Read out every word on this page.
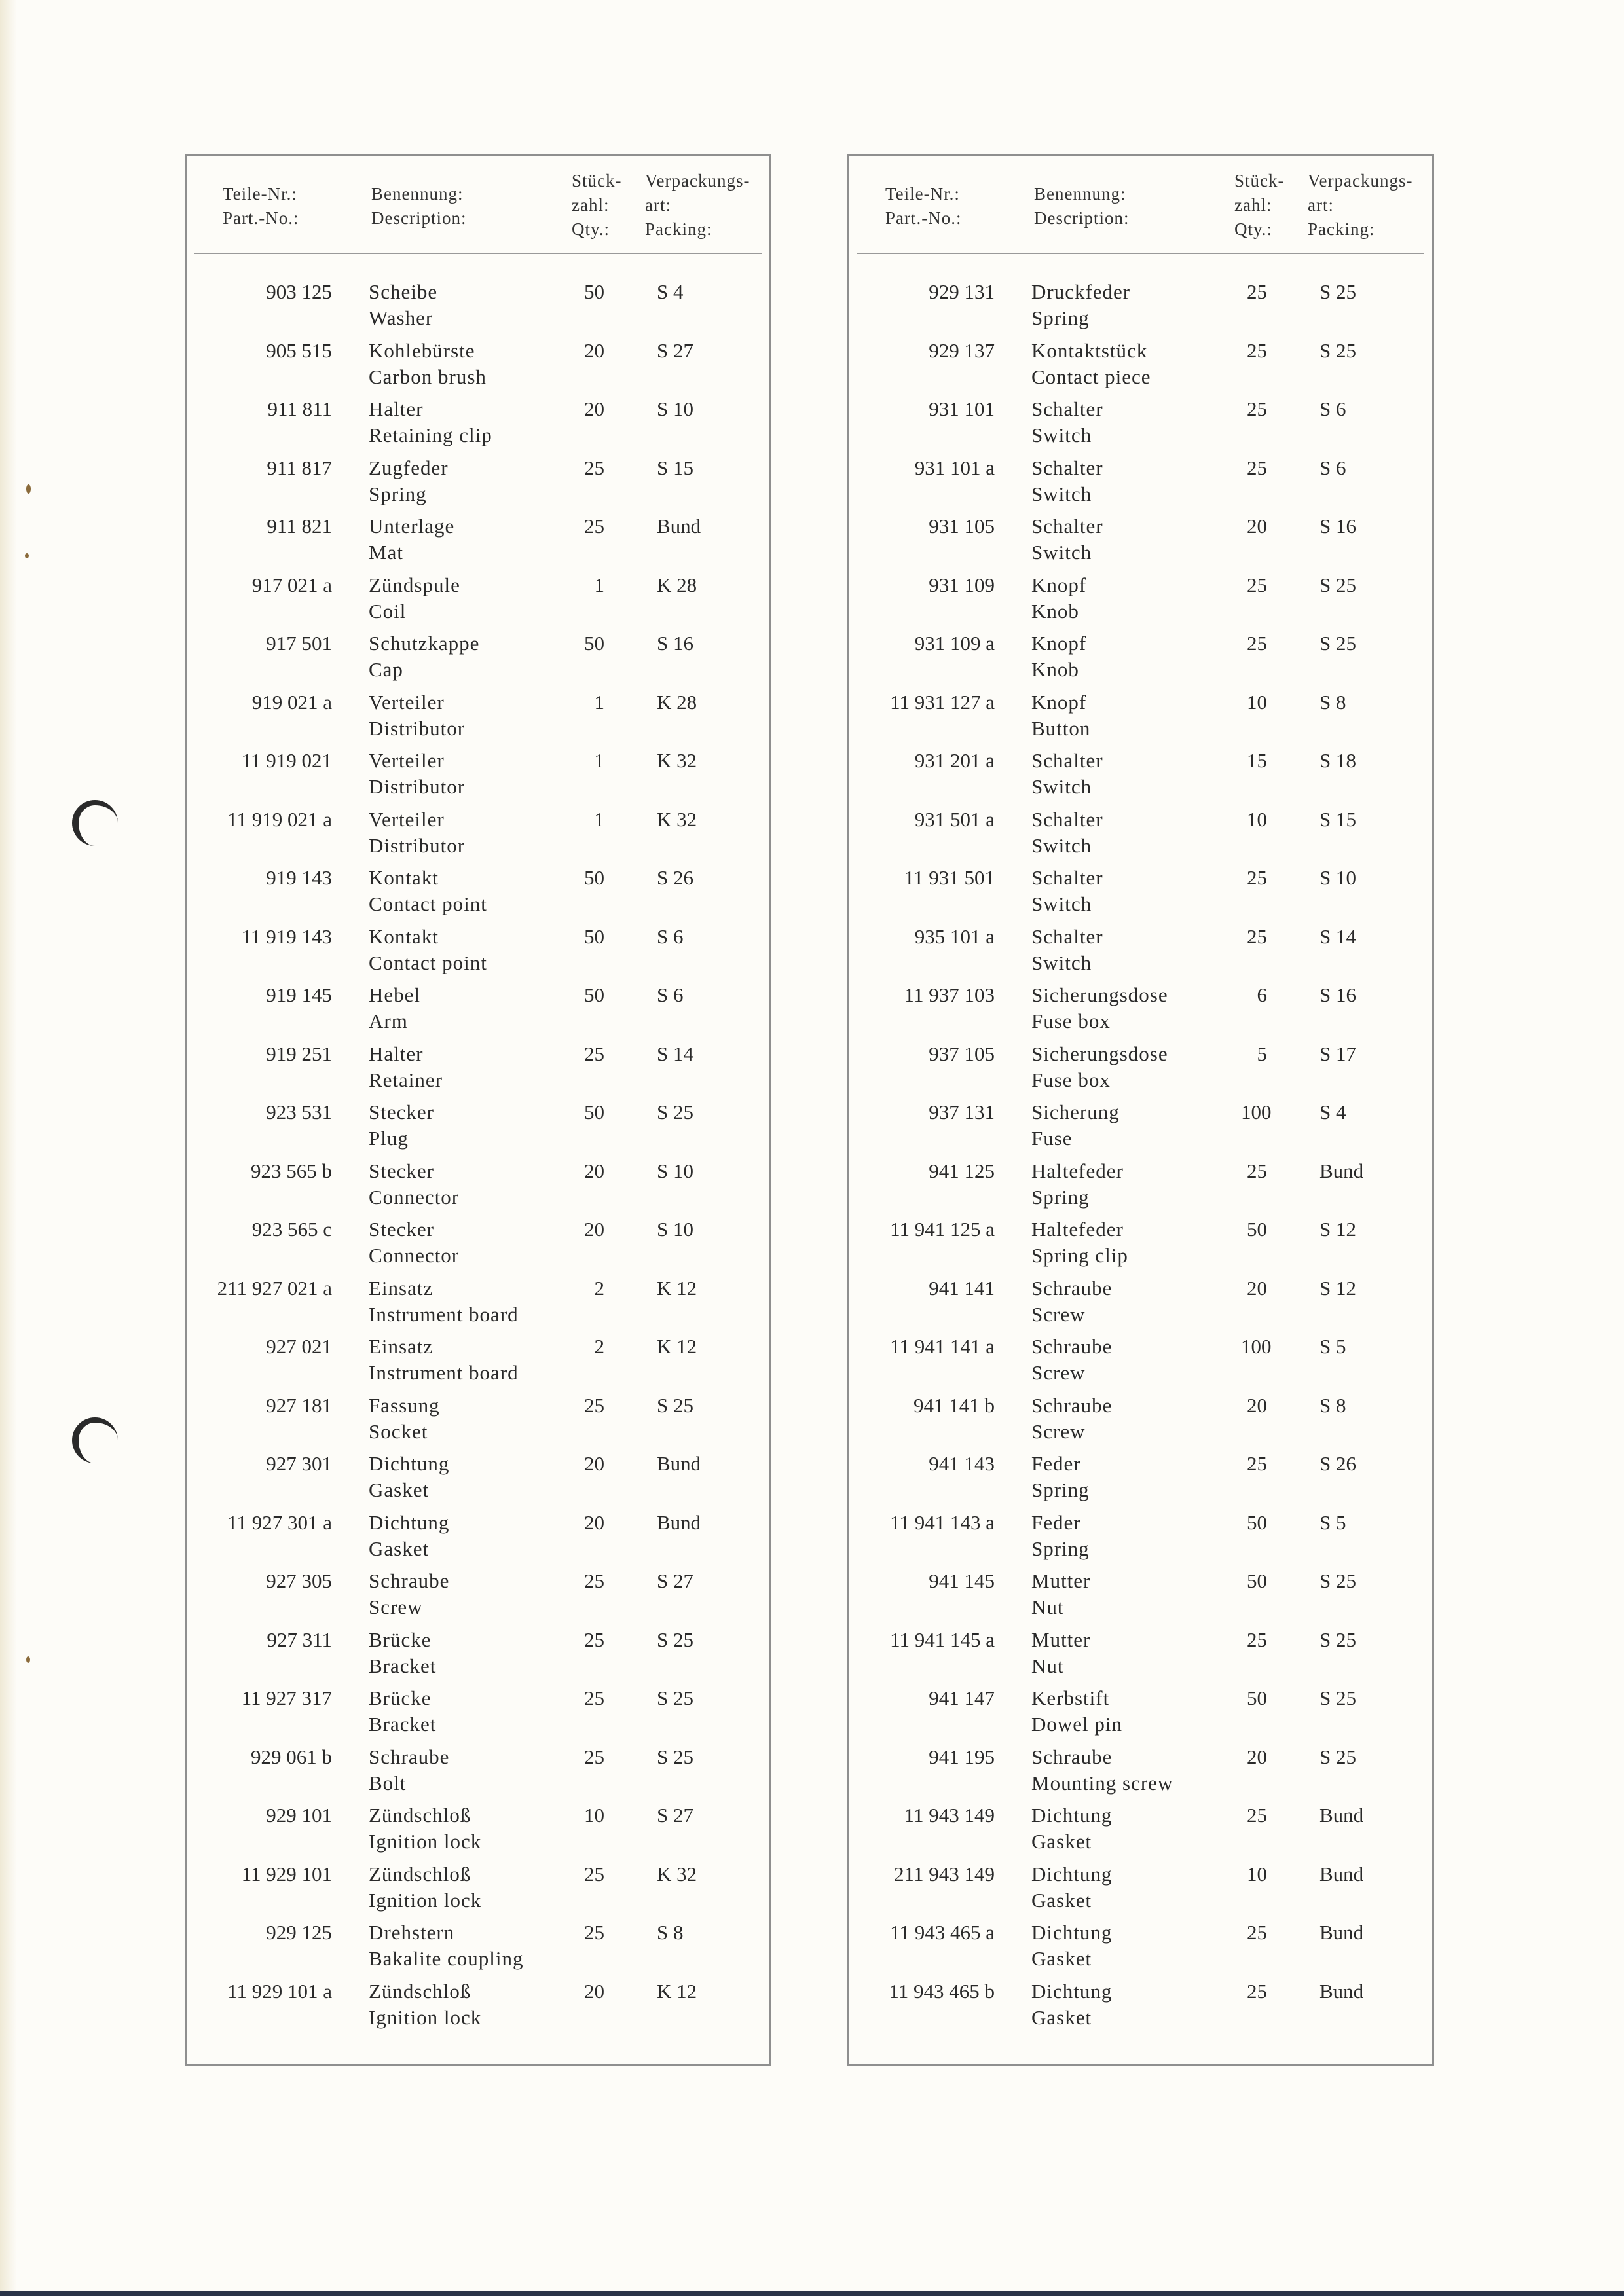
Teile-Nr.:
Part.-No.:
Benennung:
Description:
Stück-
zahl:
Qty.:
Verpackungs-
art:
Packing:
903 125 Scheibe
Washer
50	S 4
905 515 Kohlebürste
Carbon brush
20	S 27
911 811 Halter
Retaining clip
20	S 10
911 817 Zugfeder
Spring
25	S 15
911 821 Unterlage
Mat
25	Bund
917 021 a Zündspule
Coil
1	K 28
917 501 Schutzkappe
Cap
50	S 16
919 021 a Verteiler
Distributor
1	K 28
11 919 021 Verteiler
Distributor
1	K 32
11 919 021 a Verteiler
Distributor
1	K 32
919 143 Kontakt
Contact point
50	S 26
11 919 143 Kontakt
Contact point
50	S 6
919 145 Hebel
Arm
50	S 6
919 251 Halter
Retainer
25	S 14
923 531 Stecker
Plug
50	S 25
923 565 b Stecker
Connector
20	S 10
923 565 c Stecker
Connector
20	S 10
211 927 021 a Einsatz
Instrument board
2	K 12
927 021 Einsatz
Instrument board
2	K 12
927 181 Fassung
Socket
25	S 25
927 301 Dichtung
Gasket
20	Bund
11 927 301 a Dichtung
Gasket
20	Bund
927 305 Schraube
Screw
25	S 27
927 311 Brücke
Bracket
25	S 25
11 927 317 Brücke
Bracket
25	S 25
929 061 b Schraube
Bolt
25	S 25
929 101 Zündschloß
Ignition lock
10	S 27
11 929 101 Zündschloß
Ignition lock
25	K 32
929 125 Drehstern
Bakalite coupling
25	S 8
11 929 101 a Zündschloß
Ignition lock
20	K 12
Teile-Nr.:
Part.-No.:
Benennung:
Description:
Stück-
zahl:
Qty.:
Verpackungs-
art:
Packing:
929 131 Druckfeder
Spring
25	S 25
929 137 Kontaktstück
Contact piece
25	S 25
931 101 Schalter
Switch
25	S 6
931 101 a Schalter
Switch
25	S 6
931 105 Schalter
Switch
20	S 16
931 109 Knopf
Knob
25	S 25
931 109 a Knopf
Knob
25	S 25
11 931 127 a Knopf
Button
10	S 8
931 201 a Schalter
Switch
15	S 18
931 501 a Schalter
Switch
10	S 15
11 931 501 Schalter
Switch
25	S 10
935 101 a Schalter
Switch
25	S 14
11 937 103 Sicherungsdose
Fuse box
6	S 16
937 105 Sicherungsdose
Fuse box
5	S 17
937 131 Sicherung
Fuse
100 S 4
941 125 Haltefeder
Spring
25	Bund
11 941 125 a Haltefeder
Spring clip
50	S 12
941 141 Schraube
Screw
20	S 12
11 941 141 a Schraube
Screw
100 S 5
941 141 b Schraube
Screw
20	S 8
941 143 Feder
Spring
25	S 26
11 941 143 a Feder
Spring
50	S 5
941 145 Mutter
Nut
50	S 25
11 941 145 a Mutter
Nut
25	S 25
941 147 Kerbstift
Dowel pin
50	S 25
941 195 Schraube
Mounting screw
20	S 25
11 943 149 Dichtung
Gasket
25	Bund
211 943 149 Dichtung
Gasket
10	Bund
11 943 465 a Dichtung
Gasket
25	Bund
11 943 465 b Dichtung
Gasket
25	Bund
